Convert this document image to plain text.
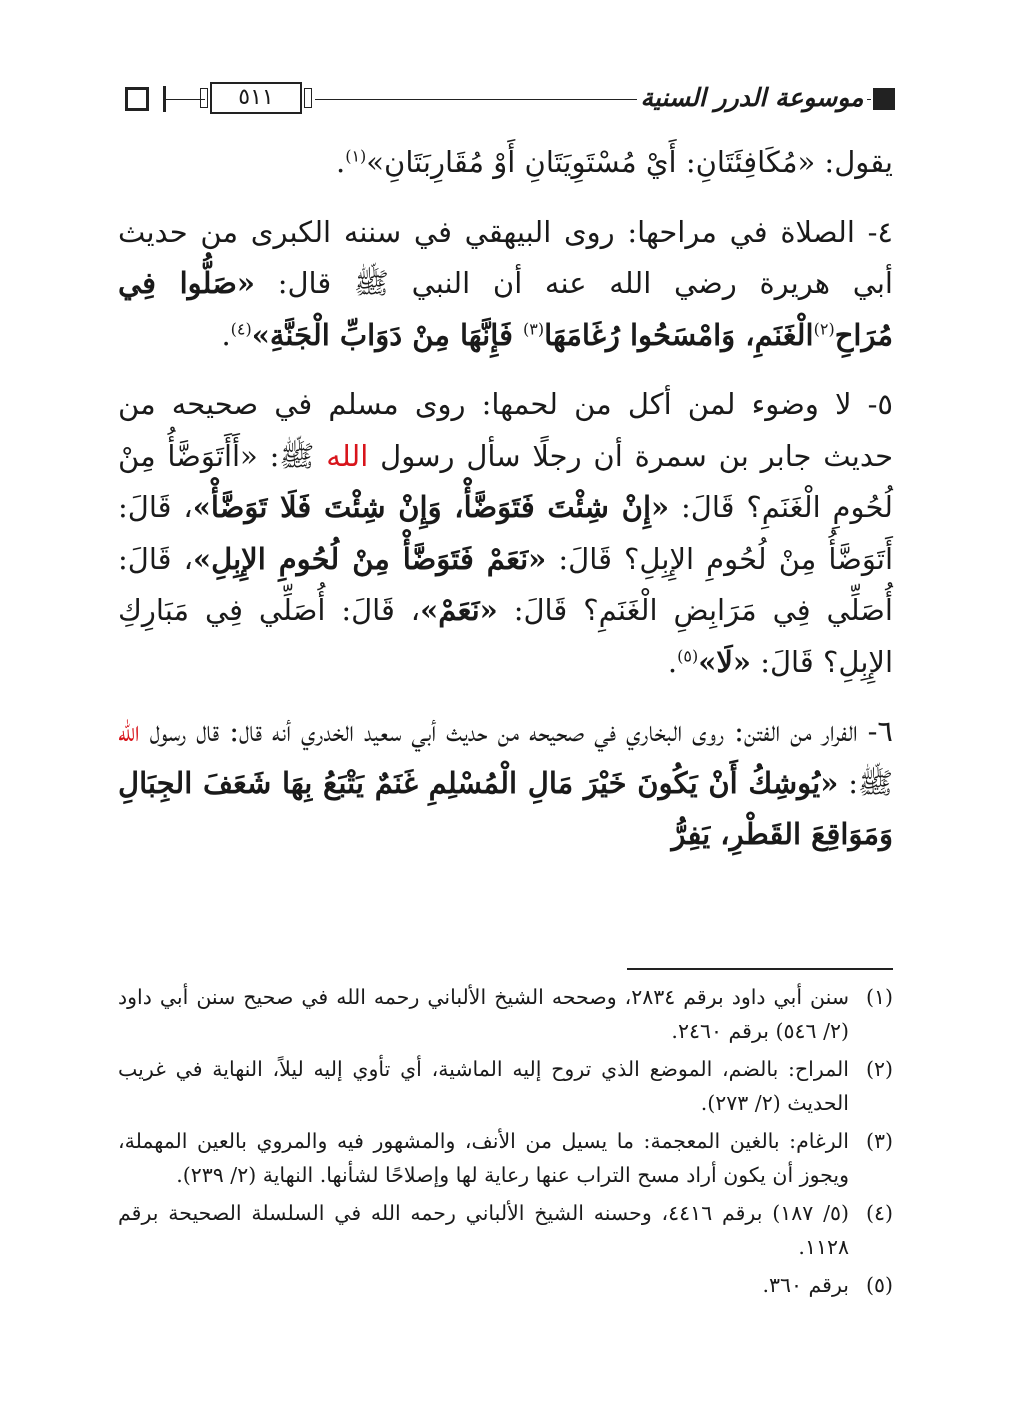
٥١١	موسوعة الدرر السنية

يقول: «مُكَافِئَتَانِ: أَيْ مُسْتَوِيَتَانِ أَوْ مُقَارِبَتَانِ»$^{(١)}$.

٤- الصلاة في مراحها: روى البيهقي في سننه الكبرى من حديث أبي هريرة رضي الله عنه أن النبي ﷺ قال: «صَلُّوا فِي مُرَاحِ$^{(٢)}$الْغَنَمِ، وَامْسَحُوا رُغَامَهَا$^{(٣)}$ فَإِنَّهَا مِنْ دَوَابِّ الْجَنَّةِ»$^{(٤)}$.

٥- لا وضوء لمن أكل من لحمها: روى مسلم في صحيحه من حديث جابر بن سمرة أن رجلًا سأل رسول الله ﷺ: «أَأَتَوَضَّأُ مِنْ لُحُومِ الْغَنَمِ؟ قَالَ: «إِنْ شِئْتَ فَتَوَضَّأْ، وَإِنْ شِئْتَ فَلَا تَوَضَّأْ»، قَالَ: أَتَوَضَّأُ مِنْ لُحُومِ الإِبِلِ؟ قَالَ: «نَعَمْ فَتَوَضَّأْ مِنْ لُحُومِ الإِبِلِ»، قَالَ: أُصَلِّي فِي مَرَابِضِ الْغَنَمِ؟ قَالَ: «نَعَمْ»، قَالَ: أُصَلِّي فِي مَبَارِكِ الإِبِلِ؟ قَالَ: «لَا»$^{(٥)}$.

٦- الفرار من الفتن: روى البخاري في صحيحه من حديث أبي سعيد الخدري أنه قال: قال رسول الله ﷺ: «يُوشِكُ أَنْ يَكُونَ خَيْرَ مَالِ الْمُسْلِمِ غَنَمٌ يَتْبَعُ بِهَا شَعَفَ الجِبَالِ وَمَوَاقِعَ القَطْرِ، يَفِرُّ

(١)
سنن أبي داود برقم ٢٨٣٤، وصححه الشيخ الألباني رحمه الله في صحيح سنن أبي داود (٢/ ٥٤٦) برقم ٢٤٦٠.
(٢)
المراح: بالضم، الموضع الذي تروح إليه الماشية، أي تأوي إليه ليلاً، النهاية في غريب الحديث (٢/ ٢٧٣).
(٣)
الرغام: بالغين المعجمة: ما يسيل من الأنف، والمشهور فيه والمروي بالعين المهملة، ويجوز أن يكون أراد مسح التراب عنها رعاية لها وإصلاحًا لشأنها. النهاية (٢/ ٢٣٩).
(٤)
(٥/ ١٨٧) برقم ٤٤١٦، وحسنه الشيخ الألباني رحمه الله في السلسلة الصحيحة برقم ١١٢٨.
(٥)
برقم ٣٦٠.
